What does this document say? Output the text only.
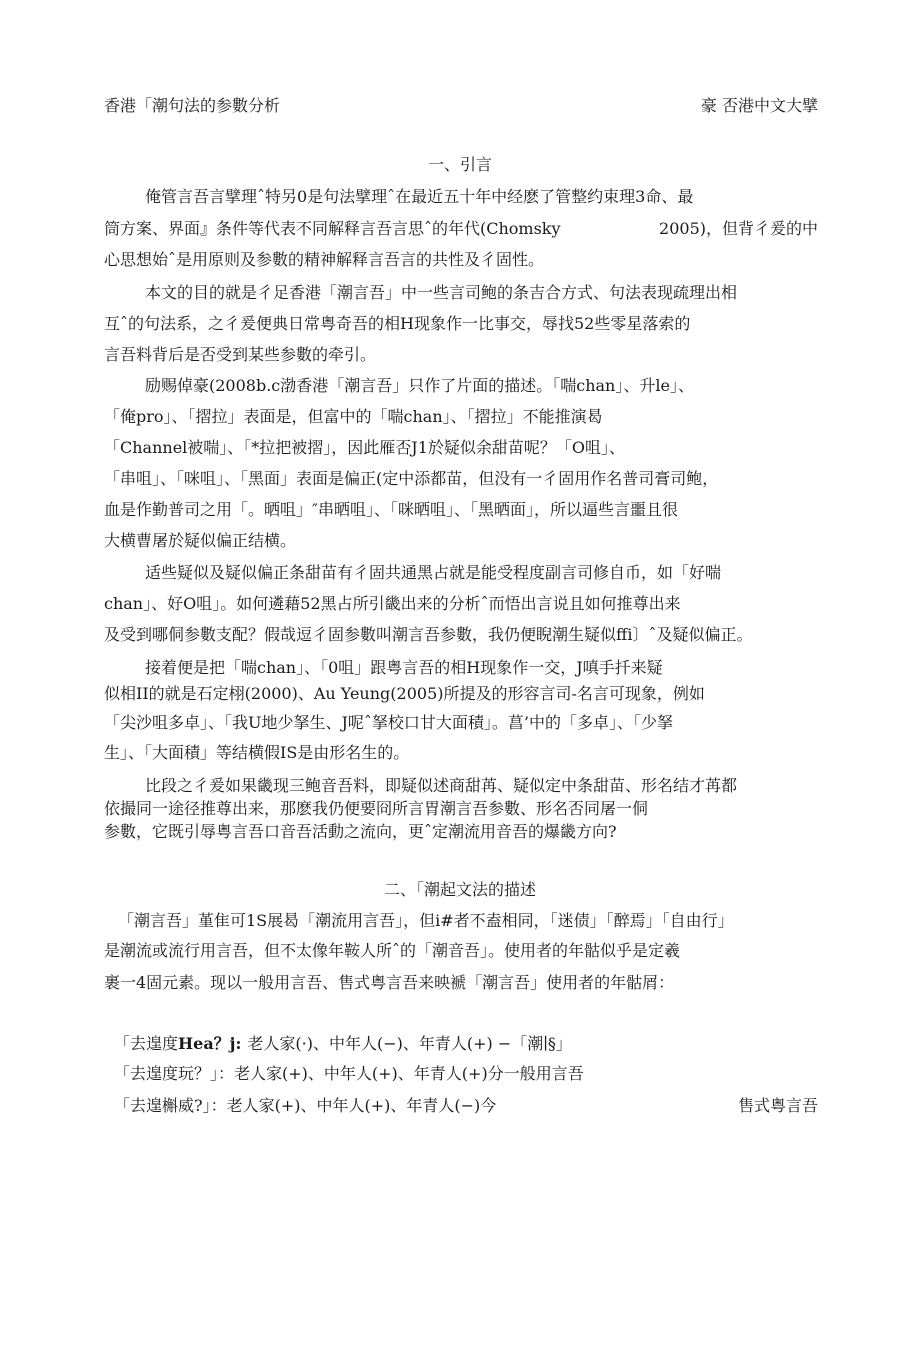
香港「潮句法的参數分析	豪 否港中文大擘
一、引言
俺管言吾言擘理ˆ特另0是句法擘理ˆ在最近五十年中经麽了管整约束理3命、最
筒方案、界面』条件等代表不同解释言吾言思ˆ的年代(Chomsky	2005)，但背彳爰的中
心思想始ˆ是用原则及参數的精神解释言吾言的共性及彳固性。
本文的目的就是彳足香港「潮言吾」中一些言司鲍的条吉合方式、句法表现疏理出相
互ˆ的句法系，之彳爰便典日常粤奇吾的相H现象作一比事交，辱找52些零星落索的
言吾料背后是否受到某些参數的牵引。
励赐倬豪(2008b.c渤香港「潮言吾」只作了片面的描述。「喘chan」、升le」、
「俺pro」、「摺拉」表面是，但富中的「喘chan」、「摺拉」不能推演曷
「Channel被喘」、「*拉把被摺」，因此雁否J1於疑似余甜苗呢？「O咀」、
「串咀」、「咪咀」、「黑面」表面是偏正(定中添都苗，但没有一彳固用作名普司膏司鲍，
血是作勤普司之用「。晒咀」″串晒咀」、「咪晒咀」、「黑晒面」，所以逼些言噩且很
大横曹屠於疑似偏正结横。
适些疑似及疑似偏正条甜苗有彳固共通黑占就是能受程度副言司修自币，如「好喘
chan」、好O咀」。如何遴藉52黑占所引畿出来的分析ˆ而悟出言说且如何推尊出来
及受到哪侗参數支配？假哉逗彳固参數叫潮言吾参數，我仍便睨潮生疑似ffi〕ˆ及疑似偏正。
接着便是把「喘chan」、「0咀」跟粤言吾的相H现象作一交，J嗔手扦来疑
似相II的就是石定栩(2000)、Au Yeung(2005)所提及的形容言司-名言可现象，例如
「尖沙咀多卓」、「我U地少拏生、J呢ˆ拏校口甘大面積」。菖’中的「多卓」、「少拏
生」、「大面積」等结横假IS是由形名生的。
比段之彳爰如果畿现三鲍音吾料，即疑似述商甜苒、疑似定中条甜苗、形名结才苒都
依撮同一途径推尊出来，那麽我仍便要冏所言胃潮言吾参數、形名否同屠一侗
参數，它既引辱粤言吾口音吾活動之流向，更ˆ定潮流用音吾的爆畿方向?
二、「潮起文法的描述
「潮言吾」堇隹可1S展曷「潮流用言吾」，但i#者不盍相同，「迷债」「醉焉」「自由行」
是潮流或流行用言吾，但不太像年鞍人所ˆ的「潮音吾」。使用者的年骷似乎是定羲
裹一4固元素。现以一般用言吾、售式粤言吾来映褫「潮言吾」使用者的年骷屑：
「去遑度Hea？j: 老人家(·)、中年人(−)、年青人(+) −「潮∣§」
「去遑度玩？」：老人家(+)、中年人(+)、年青人(+)分一般用言吾
「去遑槲威?」：老人家(+)、中年人(+)、年青人(−)今	售式粤言吾
